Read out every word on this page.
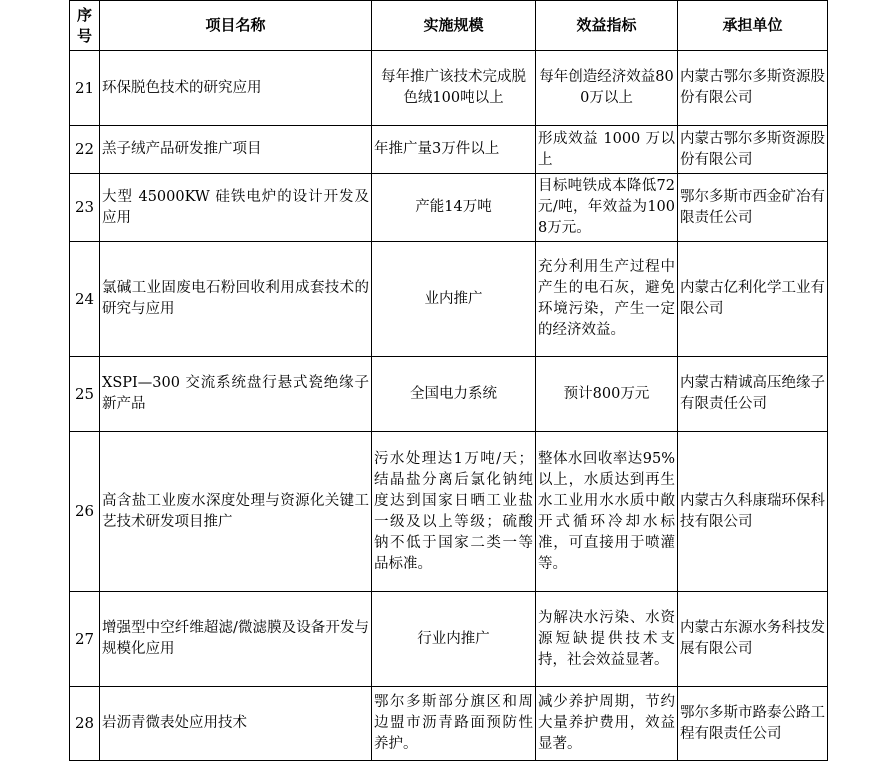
序号	项目名称	实施规模	效益指标	承担单位
21	环保脱色技术的研究应用	每年推广该技术完成脱色绒100吨以上	每年创造经济效益800万以上	内蒙古鄂尔多斯资源股份有限公司
22	羔子绒产品研发推广项目	年推广量3万件以上	形成效益 1000 万以上	内蒙古鄂尔多斯资源股份有限公司
23	大型 45000KW 硅铁电炉的设计开发及应用	产能14万吨	目标吨铁成本降低72元/吨，年效益为1008万元。	鄂尔多斯市西金矿冶有限责任公司
24	氯碱工业固废电石粉回收利用成套技术的研究与应用	业内推广	充分利用生产过程中产生的电石灰，避免环境污染，产生一定的经济效益。	内蒙古亿利化学工业有限公司
25	XSPI—300 交流系统盘行悬式瓷绝缘子新产品	全国电力系统	预计800万元	内蒙古精诚高压绝缘子有限责任公司
26	高含盐工业废水深度处理与资源化关键工艺技术研发项目推广	污水处理达1万吨/天；结晶盐分离后氯化钠纯度达到国家日晒工业盐一级及以上等级；硫酸钠不低于国家二类一等品标准。	整体水回收率达95%以上，水质达到再生水工业用水水质中敞开式循环冷却水标准，可直接用于喷灌等。	内蒙古久科康瑞环保科技有限公司
27	增强型中空纤维超滤/微滤膜及设备开发与规模化应用	行业内推广	为解决水污染、水资源短缺提供技术支持，社会效益显著。	内蒙古东源水务科技发展有限公司
28	岩沥青微表处应用技术	鄂尔多斯部分旗区和周边盟市沥青路面预防性养护。	减少养护周期，节约大量养护费用，效益显著。	鄂尔多斯市路泰公路工程有限责任公司
